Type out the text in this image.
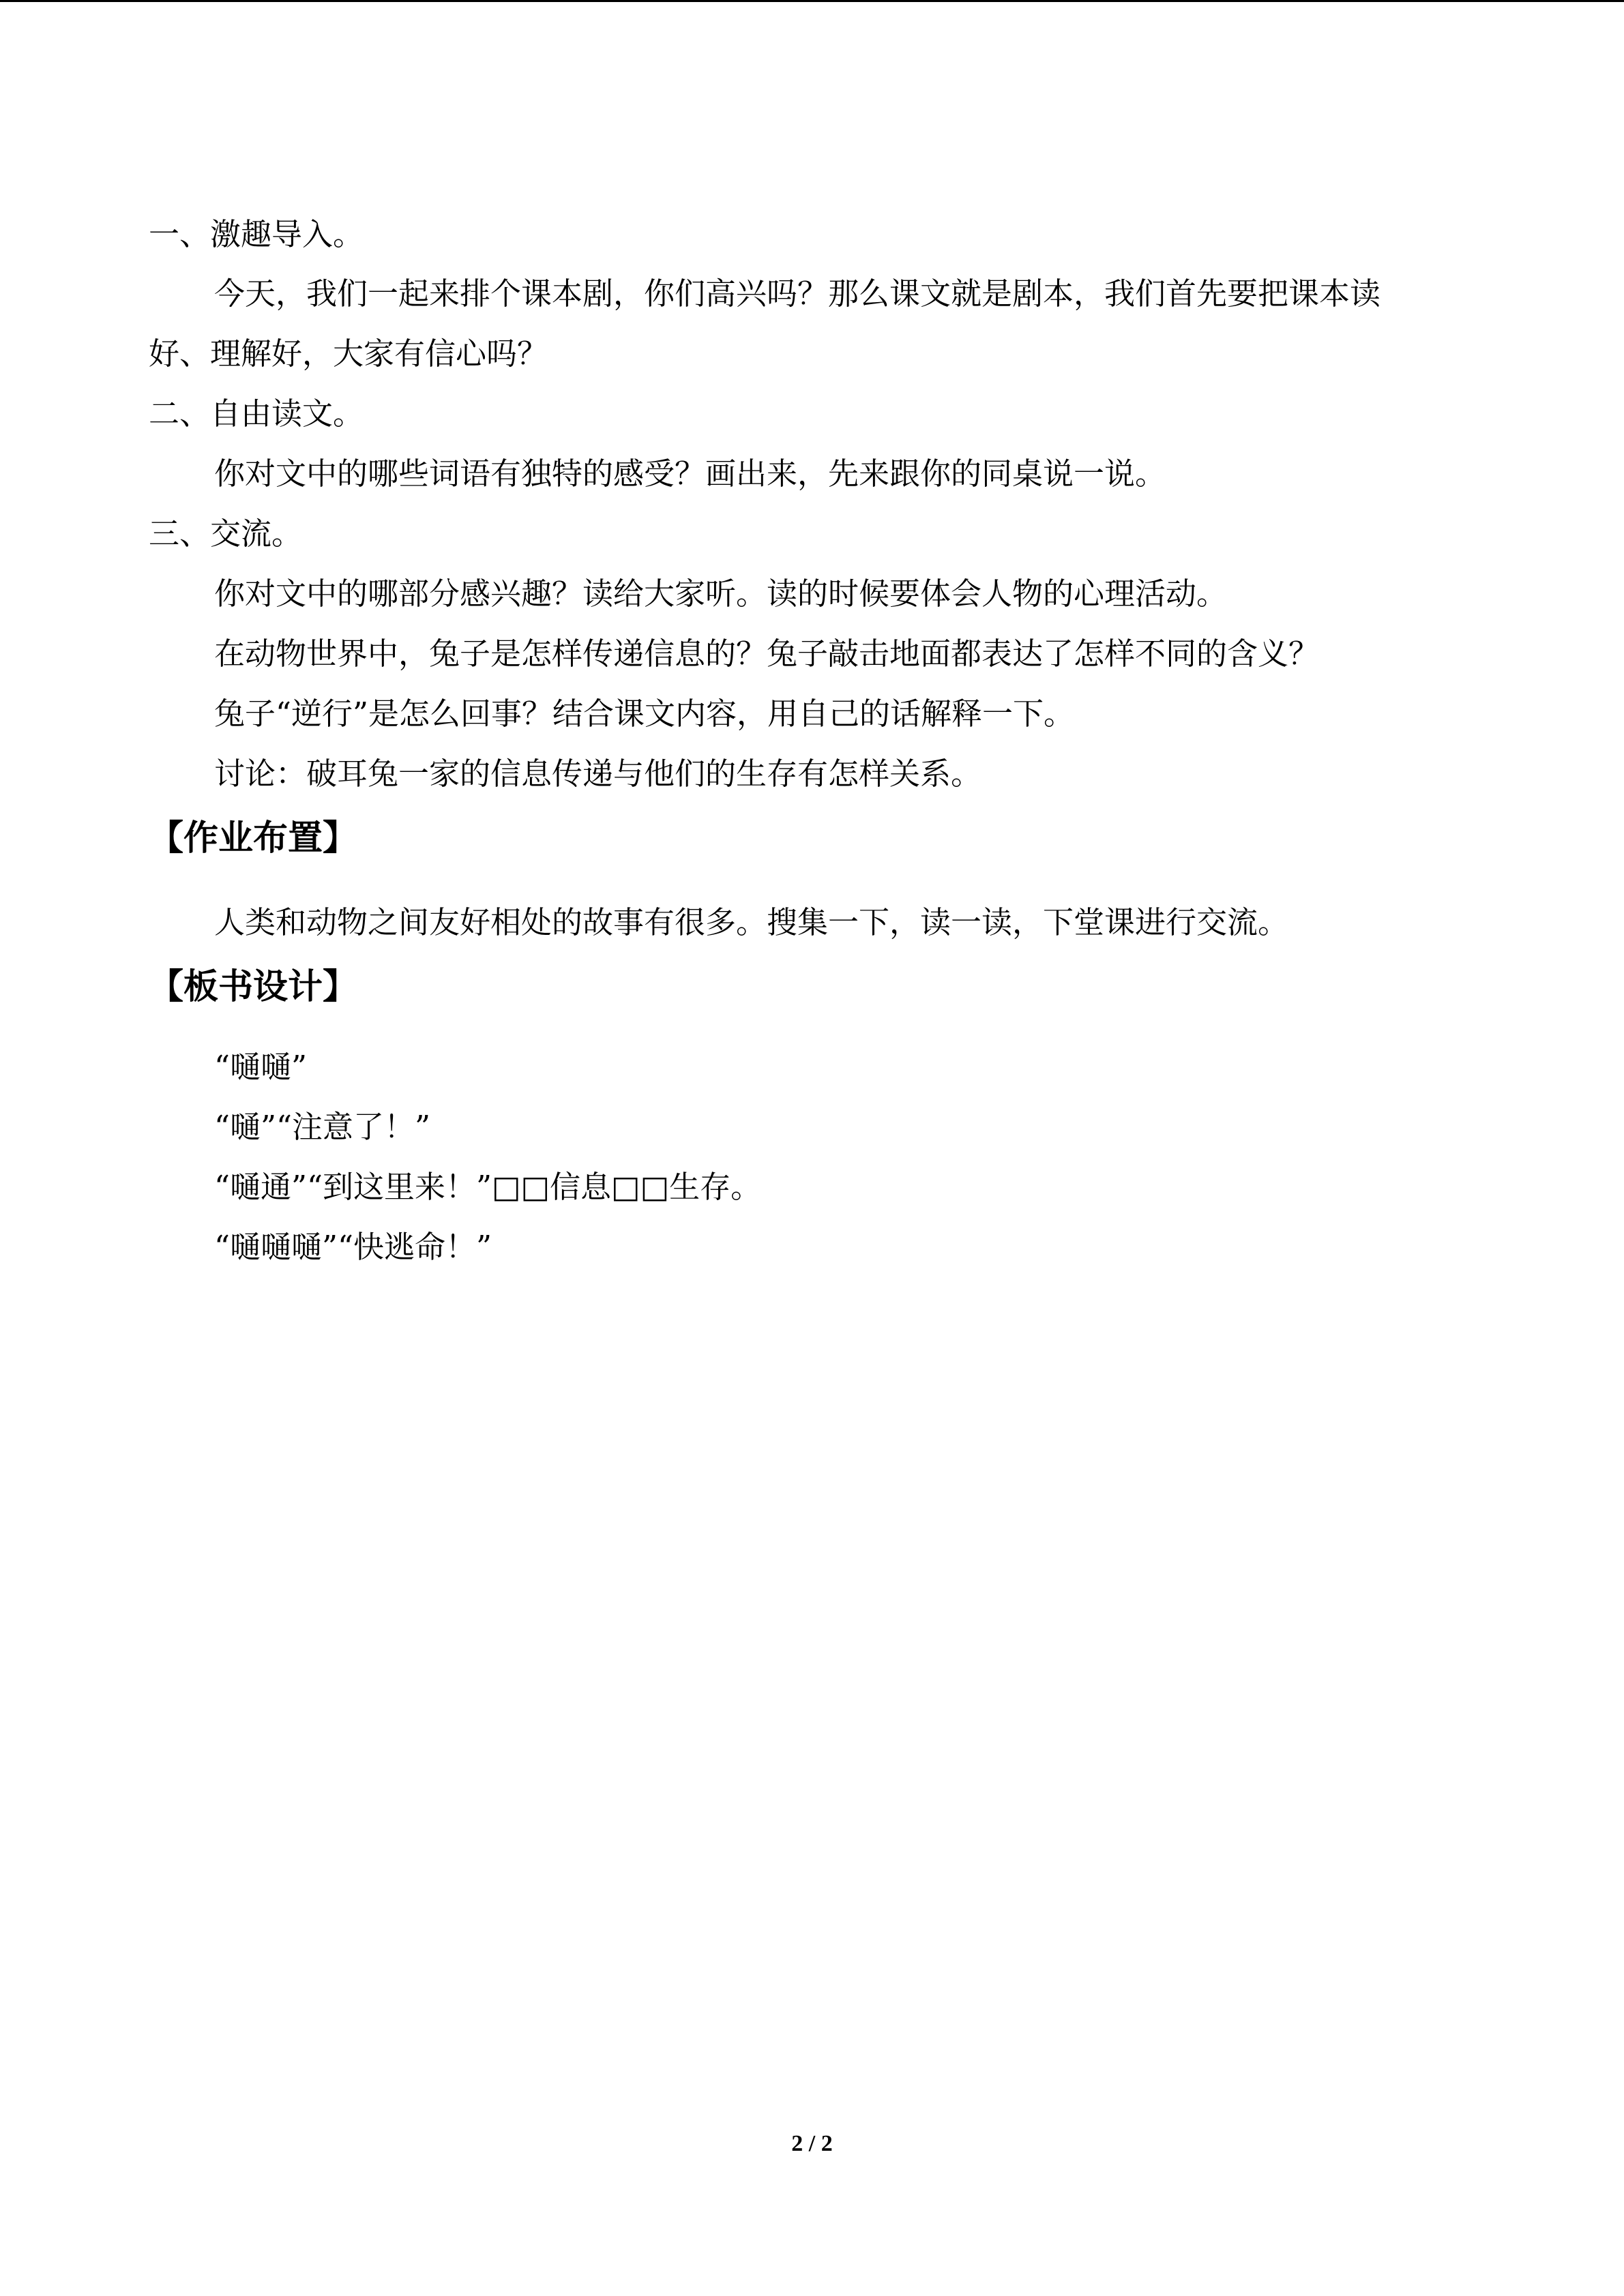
一、激趣导入。
今天，我们一起来排个课本剧，你们高兴吗？那么课文就是剧本，我们首先要把课本读
好、理解好，大家有信心吗？
二、自由读文。
你对文中的哪些词语有独特的感受？画出来，先来跟你的同桌说一说。
三、交流。
你对文中的哪部分感兴趣？读给大家听。读的时候要体会人物的心理活动。
在动物世界中，兔子是怎样传递信息的？兔子敲击地面都表达了怎样不同的含义？
兔子“逆行”是怎么回事？结合课文内容，用自己的话解释一下。
讨论：破耳兔一家的信息传递与他们的生存有怎样关系。
【作业布置】
人类和动物之间友好相处的故事有很多。搜集一下，读一读，下堂课进行交流。
【板书设计】
“嗵嗵”
“嗵”“注意了！”
“嗵通”“到这里来！”□□信息□□生存。
“嗵嗵嗵”“快逃命！”
2 / 2
